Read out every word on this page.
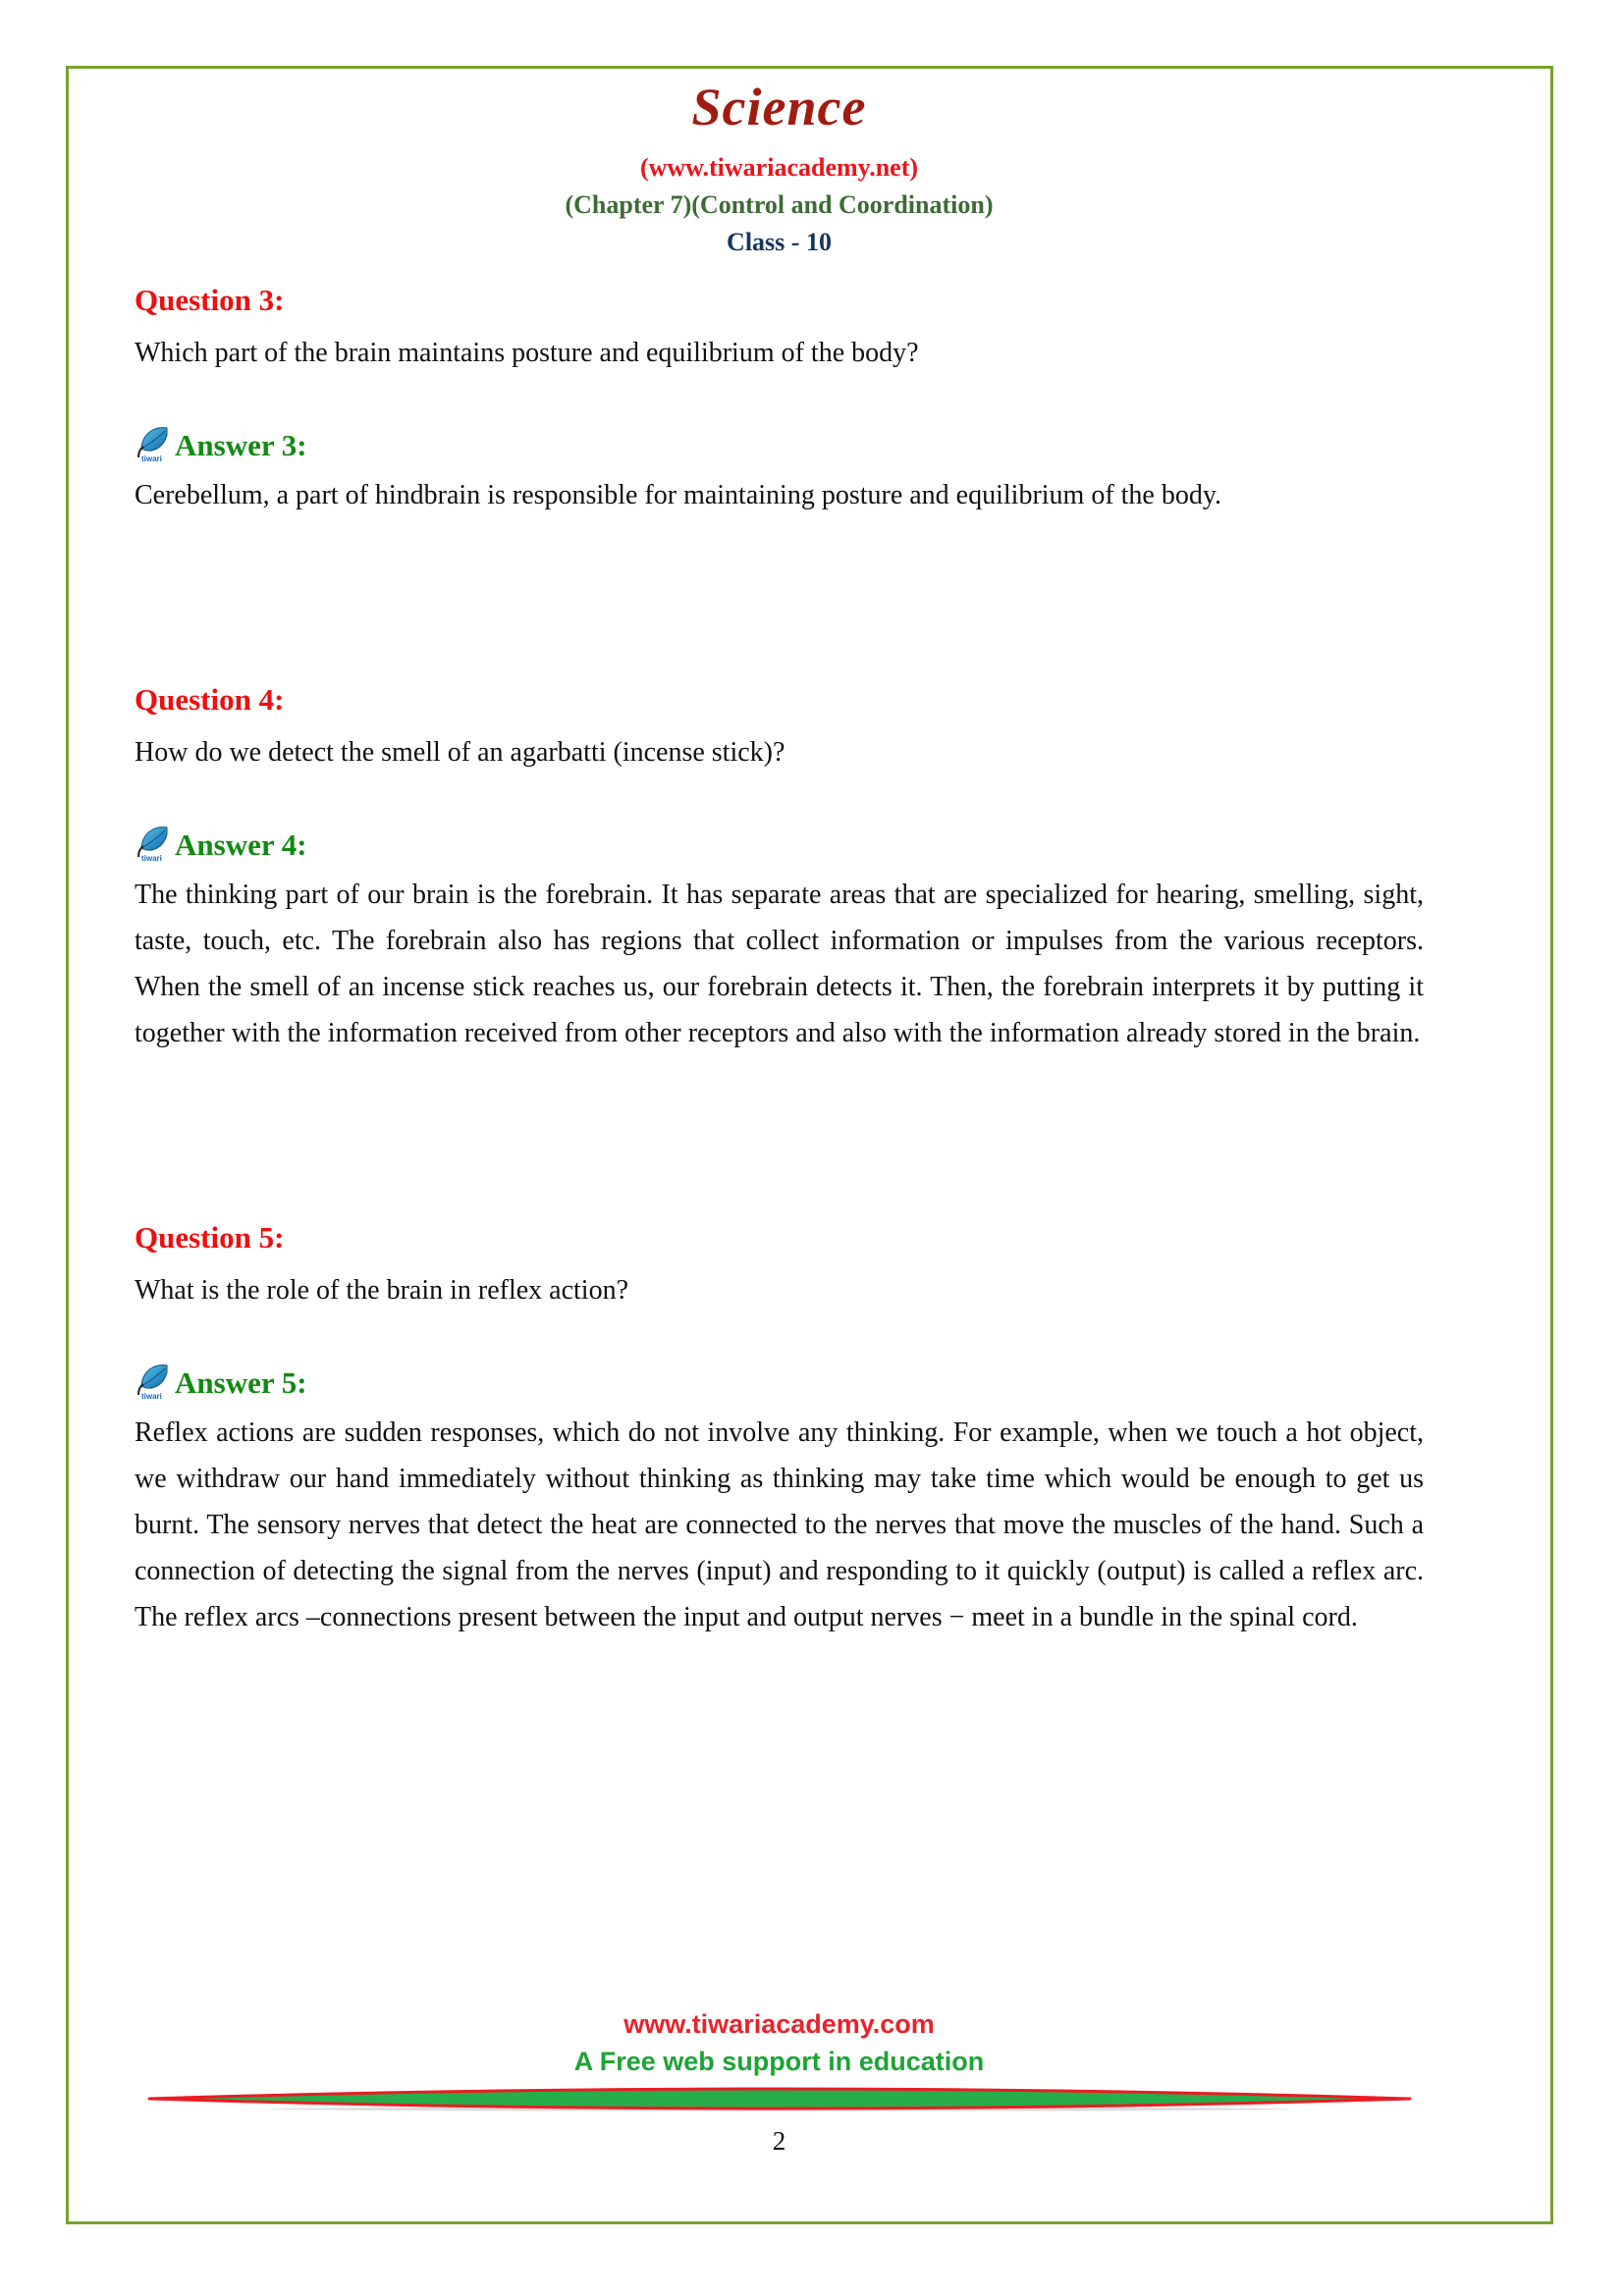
Science
(www.tiwariacademy.net)
(Chapter 7)(Control and Coordination)
Class - 10
Question 3:
Which part of the brain maintains posture and equilibrium of the body?
tiwari Answer 3:
Cerebellum, a part of hindbrain is responsible for maintaining posture and equilibrium of the body.
Question 4:
How do we detect the smell of an agarbatti (incense stick)?
tiwari Answer 4:
The thinking part of our brain is the forebrain. It has separate areas that are specialized for hearing, smelling, sight, taste, touch, etc. The forebrain also has regions that collect information or impulses from the various receptors. When the smell of an incense stick reaches us, our forebrain detects it. Then, the forebrain interprets it by putting it together with the information received from other receptors and also with the information already stored in the brain.
Question 5:
What is the role of the brain in reflex action?
tiwari Answer 5:
Reflex actions are sudden responses, which do not involve any thinking. For example, when we touch a hot object, we withdraw our hand immediately without thinking as thinking may take time which would be enough to get us burnt. The sensory nerves that detect the heat are connected to the nerves that move the muscles of the hand. Such a connection of detecting the signal from the nerves (input) and responding to it quickly (output) is called a reflex arc. The reflex arcs –connections present between the input and output nerves − meet in a bundle in the spinal cord.
www.tiwariacademy.com
A Free web support in education
2
